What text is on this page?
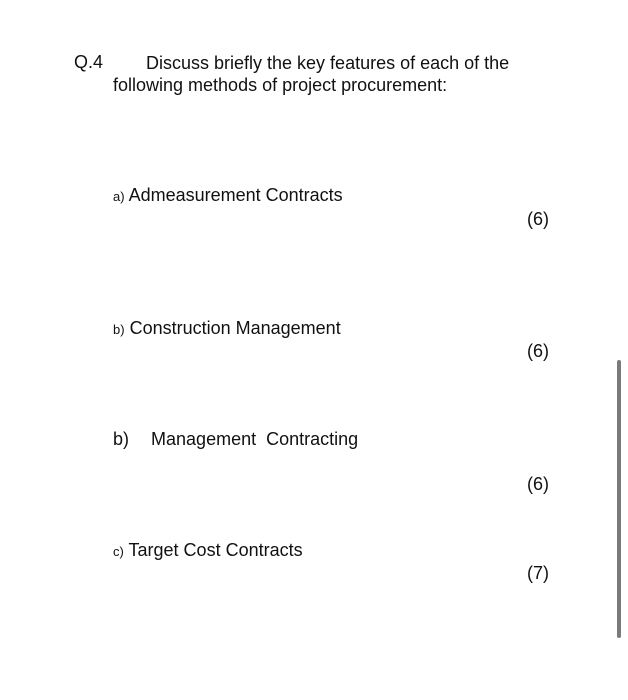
Q.4	Discuss briefly the key features of each of the following methods of project procurement:
a) Admeasurement Contracts
(6)
b) Construction Management
(6)
b) Management  Contracting
(6)
c) Target Cost Contracts
(7)
